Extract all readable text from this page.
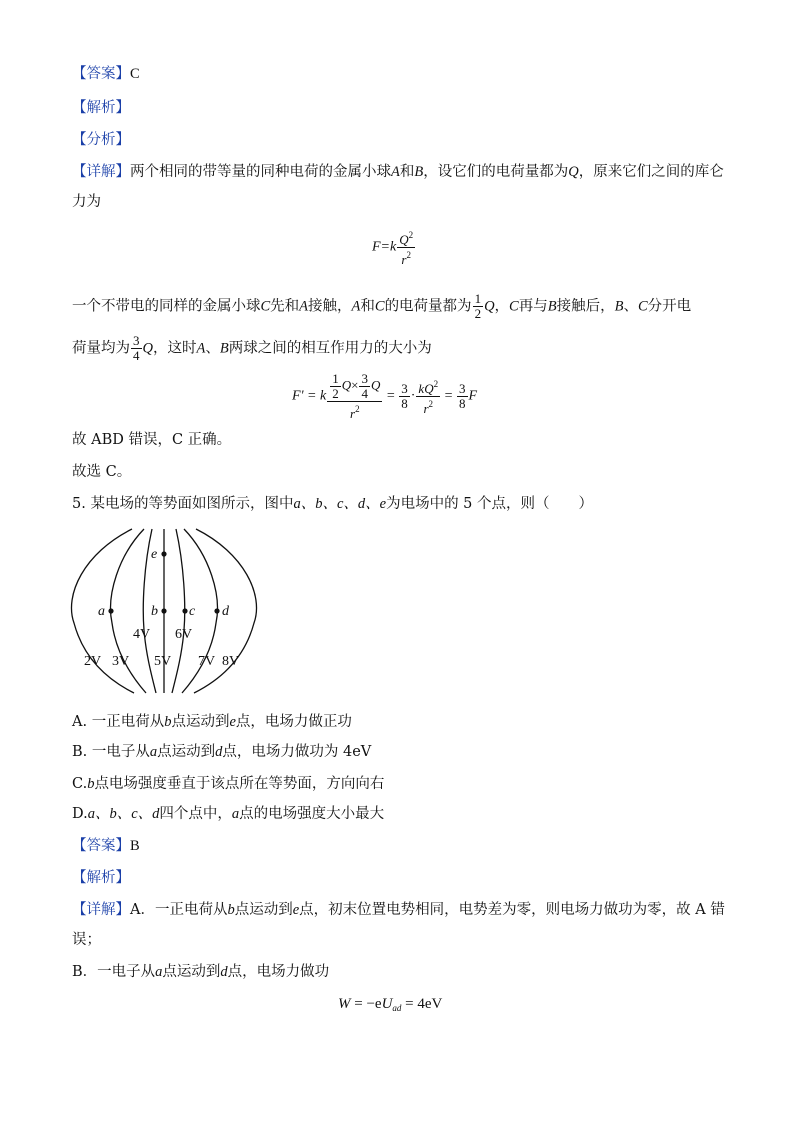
【答案】C
【解析】
【分析】
【详解】两个相同的带等量的同种电荷的金属小球A和B，设它们的电荷量都为Q，原来它们之间的库仑
力为
$F=k \frac{Q^2}{r^2}$
一个不带电的同样的金属小球C先和A接触，A和C的电荷量都为 $\frac{1}{2}$ Q，C再与B接触后，B、C分开电
荷量均为 $\frac{3}{4}$ Q，这时A、B两球之间的相互作用力的大小为
F' = k $\frac{\frac{1}{2} Q\times \frac{3}{4} Q}{r^2} = \frac{3}{8} \cdot \frac{kQ^2}{r^2} = \frac{3}{8}$ F
故 ABD 错误，C 正确。
故选 C。
5. 某电场的等势面如图所示，图中a、b、c、d、e为电场中的 5 个点，则（　　）
e
a	b c d
2V 3V
4V
5V
6V
7V 8V
A. 一正电荷从b点运动到e点，电场力做正功
B. 一电子从a点运动到d点，电场力做功为 4eV
C.b点电场强度垂直于该点所在等势面，方向向右
D.a、b、c、d四个点中，a点的电场强度大小最大
【答案】B
【解析】
【详解】A．一正电荷从b点运动到e点，初末位置电势相同，电势差为零，则电场力做功为零，故 A 错
误；
B．一电子从a点运动到d点，电场力做功
$W = -eU_{ad} = 4eV$
